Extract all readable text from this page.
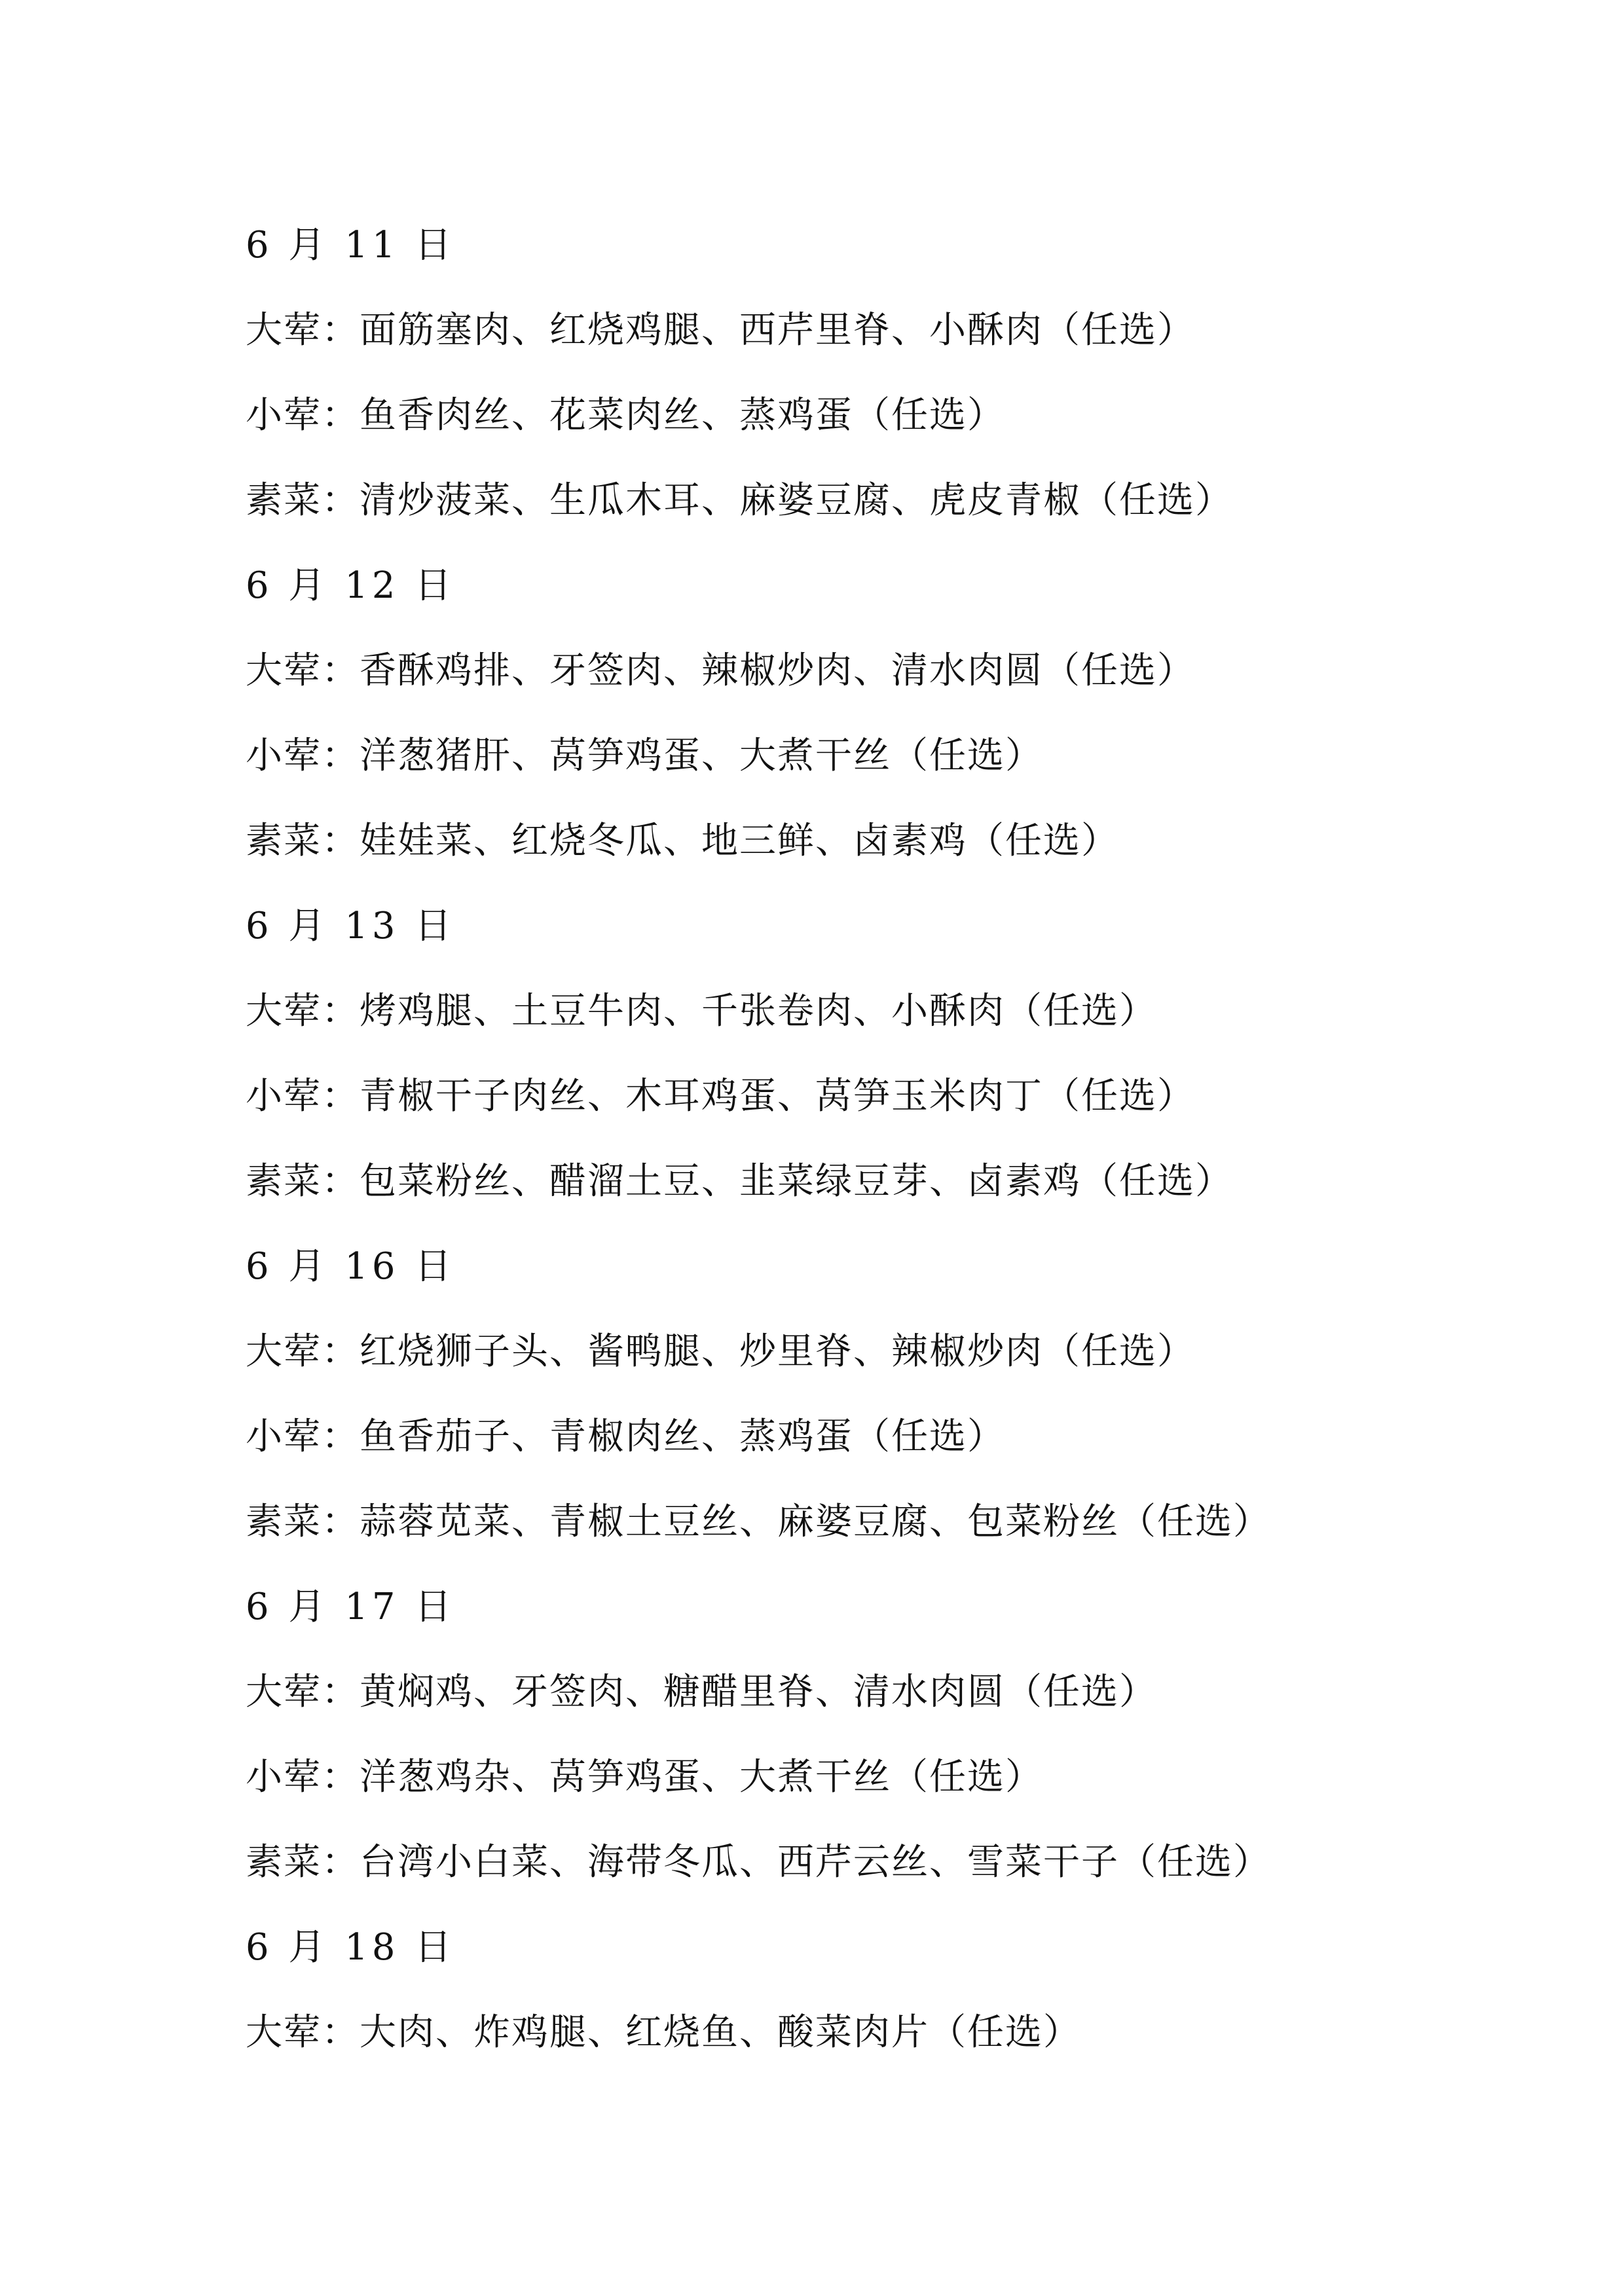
6 月 11 日
大荤：面筋塞肉、红烧鸡腿、西芹里脊、小酥肉（任选）
小荤：鱼香肉丝、花菜肉丝、蒸鸡蛋（任选）
素菜：清炒菠菜、生瓜木耳、麻婆豆腐、虎皮青椒（任选）
6 月 12 日
大荤：香酥鸡排、牙签肉、辣椒炒肉、清水肉圆（任选）
小荤：洋葱猪肝、莴笋鸡蛋、大煮干丝（任选）
素菜：娃娃菜、红烧冬瓜、地三鲜、卤素鸡（任选）
6 月 13 日
大荤：烤鸡腿、土豆牛肉、千张卷肉、小酥肉（任选）
小荤：青椒干子肉丝、木耳鸡蛋、莴笋玉米肉丁（任选）
素菜：包菜粉丝、醋溜土豆、韭菜绿豆芽、卤素鸡（任选）
6 月 16 日
大荤：红烧狮子头、酱鸭腿、炒里脊、辣椒炒肉（任选）
小荤：鱼香茄子、青椒肉丝、蒸鸡蛋（任选）
素菜：蒜蓉苋菜、青椒土豆丝、麻婆豆腐、包菜粉丝（任选）
6 月 17 日
大荤：黄焖鸡、牙签肉、糖醋里脊、清水肉圆（任选）
小荤：洋葱鸡杂、莴笋鸡蛋、大煮干丝（任选）
素菜：台湾小白菜、海带冬瓜、西芹云丝、雪菜干子（任选）
6 月 18 日
大荤：大肉、炸鸡腿、红烧鱼、酸菜肉片（任选）
